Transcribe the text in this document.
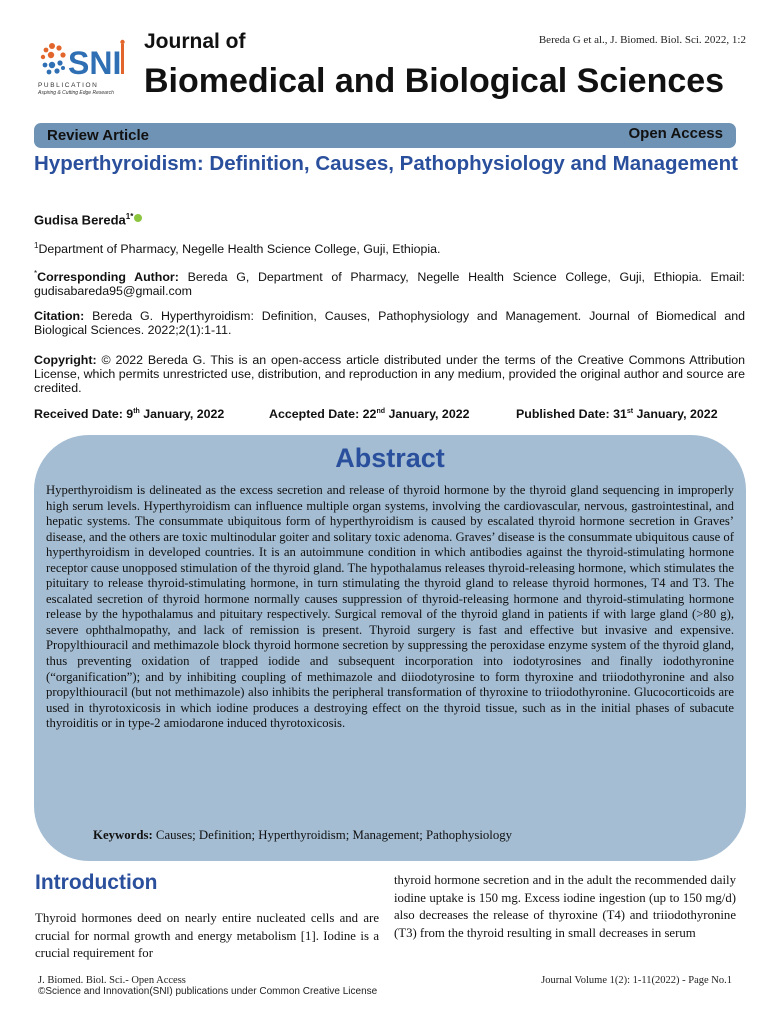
SNI
PUBLICATION
Aspiring & Cutting Edge Research
Journal of
Biomedical and Biological Sciences
Bereda G et al., J. Biomed. Biol. Sci. 2022, 1:2
Review Article	Open Access
Hyperthyroidism: Definition, Causes, Pathophysiology and Management
Gudisa Bereda$^{1*}$
$^1$Department of Pharmacy, Negelle Health Science College, Guji, Ethiopia.
*Corresponding Author: Bereda G, Department of Pharmacy, Negelle Health Science College, Guji, Ethiopia. Email: gudisabareda95@gmail.com
Citation: Bereda G. Hyperthyroidism: Definition, Causes, Pathophysiology and Management. Journal of Biomedical and Biological Sciences. 2022;2(1):1-11.
Copyright: © 2022 Bereda G. This is an open-access article distributed under the terms of the Creative Commons Attribution License, which permits unrestricted use, distribution, and reproduction in any medium, provided the original author and source are credited.
Received Date: 9th January, 2022	Accepted Date: 22nd January, 2022	Published Date: 31st January, 2022
Abstract
Hyperthyroidism is delineated as the excess secretion and release of thyroid hormone by the thyroid gland sequencing in improperly high serum levels. Hyperthyroidism can influence multiple organ systems, involving the cardiovascular, nervous, gastrointestinal, and hepatic systems. The consummate ubiquitous form of hyperthyroidism is caused by escalated thyroid hormone secretion in Graves’ disease, and the others are toxic multinodular goiter and solitary toxic adenoma. Graves’ disease is the consummate ubiquitous cause of hyperthyroidism in developed countries. It is an autoimmune condition in which antibodies against the thyroid-stimulating hormone receptor cause unopposed stimulation of the thyroid gland. The hypothalamus releases thyroid-releasing hormone, which stimulates the pituitary to release thyroid-stimulating hormone, in turn stimulating the thyroid gland to release thyroid hormones, T4 and T3. The escalated secretion of thyroid hormone normally causes suppression of thyroid-releasing hormone and thyroid-stimulating hormone release by the hypothalamus and pituitary respectively. Surgical removal of the thyroid gland in patients if with large gland (>80 g), severe ophthalmopathy, and lack of remission is present. Thyroid surgery is fast and effective but invasive and expensive. Propylthiouracil and methimazole block thyroid hormone secretion by suppressing the peroxidase enzyme system of the thyroid gland, thus preventing oxidation of trapped iodide and subsequent incorporation into iodotyrosines and finally iodothyronine (“organification”); and by inhibiting coupling of methimazole and diiodotyrosine to form thyroxine and triiodothyronine and also propylthiouracil (but not methimazole) also inhibits the peripheral transformation of thyroxine to triiodothyronine. Glucocorticoids are used in thyrotoxicosis in which iodine produces a destroying effect on the thyroid tissue, such as in the initial phases of subacute thyroiditis or in type-2 amiodarone induced thyrotoxicosis.
Keywords: Causes; Definition; Hyperthyroidism; Management; Pathophysiology
Introduction
Thyroid hormones deed on nearly entire nucleated cells and are crucial for normal growth and energy metabolism [1]. Iodine is a crucial requirement for
thyroid hormone secretion and in the adult the recommended daily iodine uptake is 150 mg. Excess iodine ingestion (up to 150 mg/d) also decreases the release of thyroxine (T4) and triiodothyronine (T3) from the thyroid resulting in small decreases in serum
J. Biomed. Biol. Sci.- Open Access
©Science and Innovation(SNI) publications under Common Creative License
Journal Volume 1(2): 1-11(2022) - Page No.1
